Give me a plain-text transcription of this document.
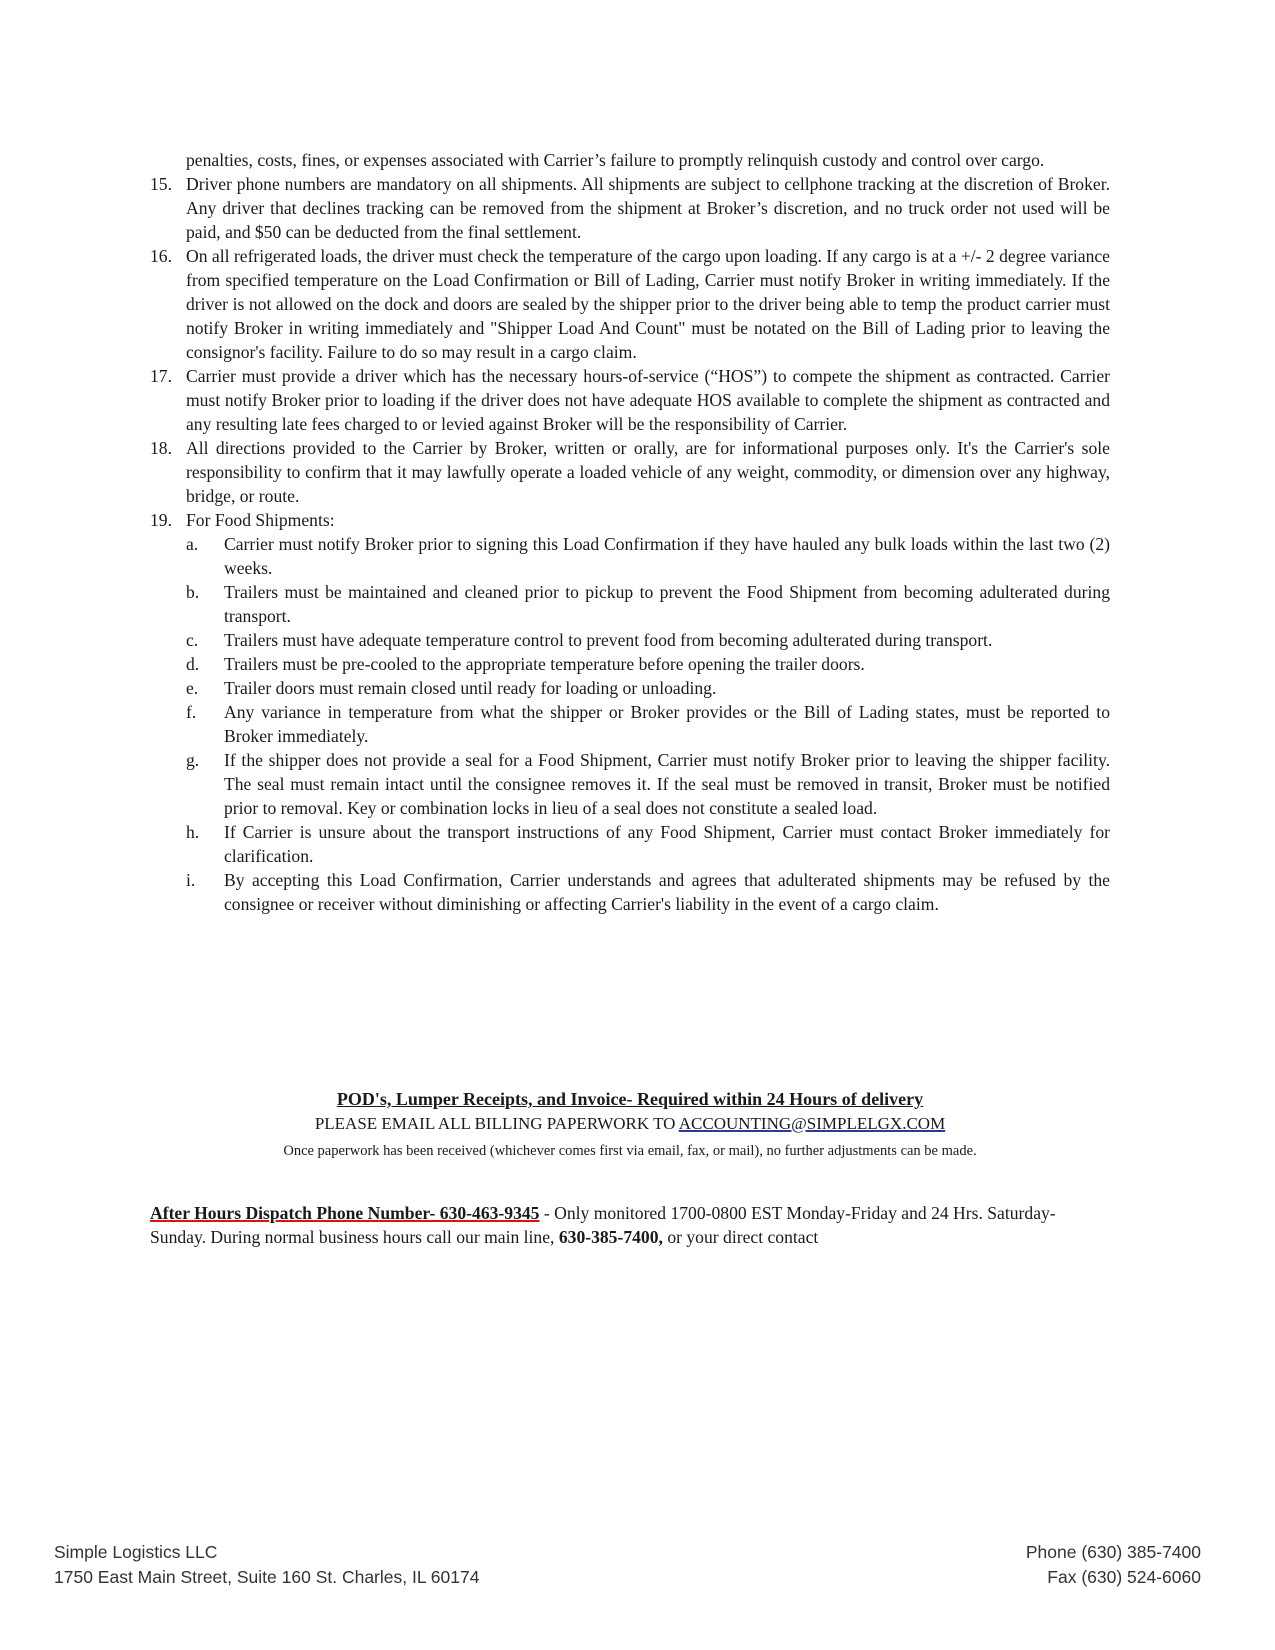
penalties, costs, fines, or expenses associated with Carrier’s failure to promptly relinquish custody and control over cargo.
15. Driver phone numbers are mandatory on all shipments. All shipments are subject to cellphone tracking at the discretion of Broker. Any driver that declines tracking can be removed from the shipment at Broker’s discretion, and no truck order not used will be paid, and $50 can be deducted from the final settlement.
16. On all refrigerated loads, the driver must check the temperature of the cargo upon loading. If any cargo is at a +/- 2 degree variance from specified temperature on the Load Confirmation or Bill of Lading, Carrier must notify Broker in writing immediately. If the driver is not allowed on the dock and doors are sealed by the shipper prior to the driver being able to temp the product carrier must notify Broker in writing immediately and "Shipper Load And Count" must be notated on the Bill of Lading prior to leaving the consignor's facility. Failure to do so may result in a cargo claim.
17. Carrier must provide a driver which has the necessary hours-of-service (“HOS”) to compete the shipment as contracted. Carrier must notify Broker prior to loading if the driver does not have adequate HOS available to complete the shipment as contracted and any resulting late fees charged to or levied against Broker will be the responsibility of Carrier.
18. All directions provided to the Carrier by Broker, written or orally, are for informational purposes only. It's the Carrier's sole responsibility to confirm that it may lawfully operate a loaded vehicle of any weight, commodity, or dimension over any highway, bridge, or route.
19. For Food Shipments:
a. Carrier must notify Broker prior to signing this Load Confirmation if they have hauled any bulk loads within the last two (2) weeks.
b. Trailers must be maintained and cleaned prior to pickup to prevent the Food Shipment from becoming adulterated during transport.
c. Trailers must have adequate temperature control to prevent food from becoming adulterated during transport.
d. Trailers must be pre-cooled to the appropriate temperature before opening the trailer doors.
e. Trailer doors must remain closed until ready for loading or unloading.
f. Any variance in temperature from what the shipper or Broker provides or the Bill of Lading states, must be reported to Broker immediately.
g. If the shipper does not provide a seal for a Food Shipment, Carrier must notify Broker prior to leaving the shipper facility. The seal must remain intact until the consignee removes it. If the seal must be removed in transit, Broker must be notified prior to removal. Key or combination locks in lieu of a seal does not constitute a sealed load.
h. If Carrier is unsure about the transport instructions of any Food Shipment, Carrier must contact Broker immediately for clarification.
i. By accepting this Load Confirmation, Carrier understands and agrees that adulterated shipments may be refused by the consignee or receiver without diminishing or affecting Carrier's liability in the event of a cargo claim.
POD's, Lumper Receipts, and Invoice- Required within 24 Hours of delivery
PLEASE EMAIL ALL BILLING PAPERWORK TO ACCOUNTING@SIMPLELGX.COM
Once paperwork has been received (whichever comes first via email, fax, or mail), no further adjustments can be made.
After Hours Dispatch Phone Number- 630-463-9345 - Only monitored 1700-0800 EST Monday-Friday and 24 Hrs. Saturday-Sunday. During normal business hours call our main line, 630-385-7400, or your direct contact
Simple Logistics LLC
1750 East Main Street, Suite 160 St. Charles, IL 60174
Phone (630) 385-7400
Fax (630) 524-6060
